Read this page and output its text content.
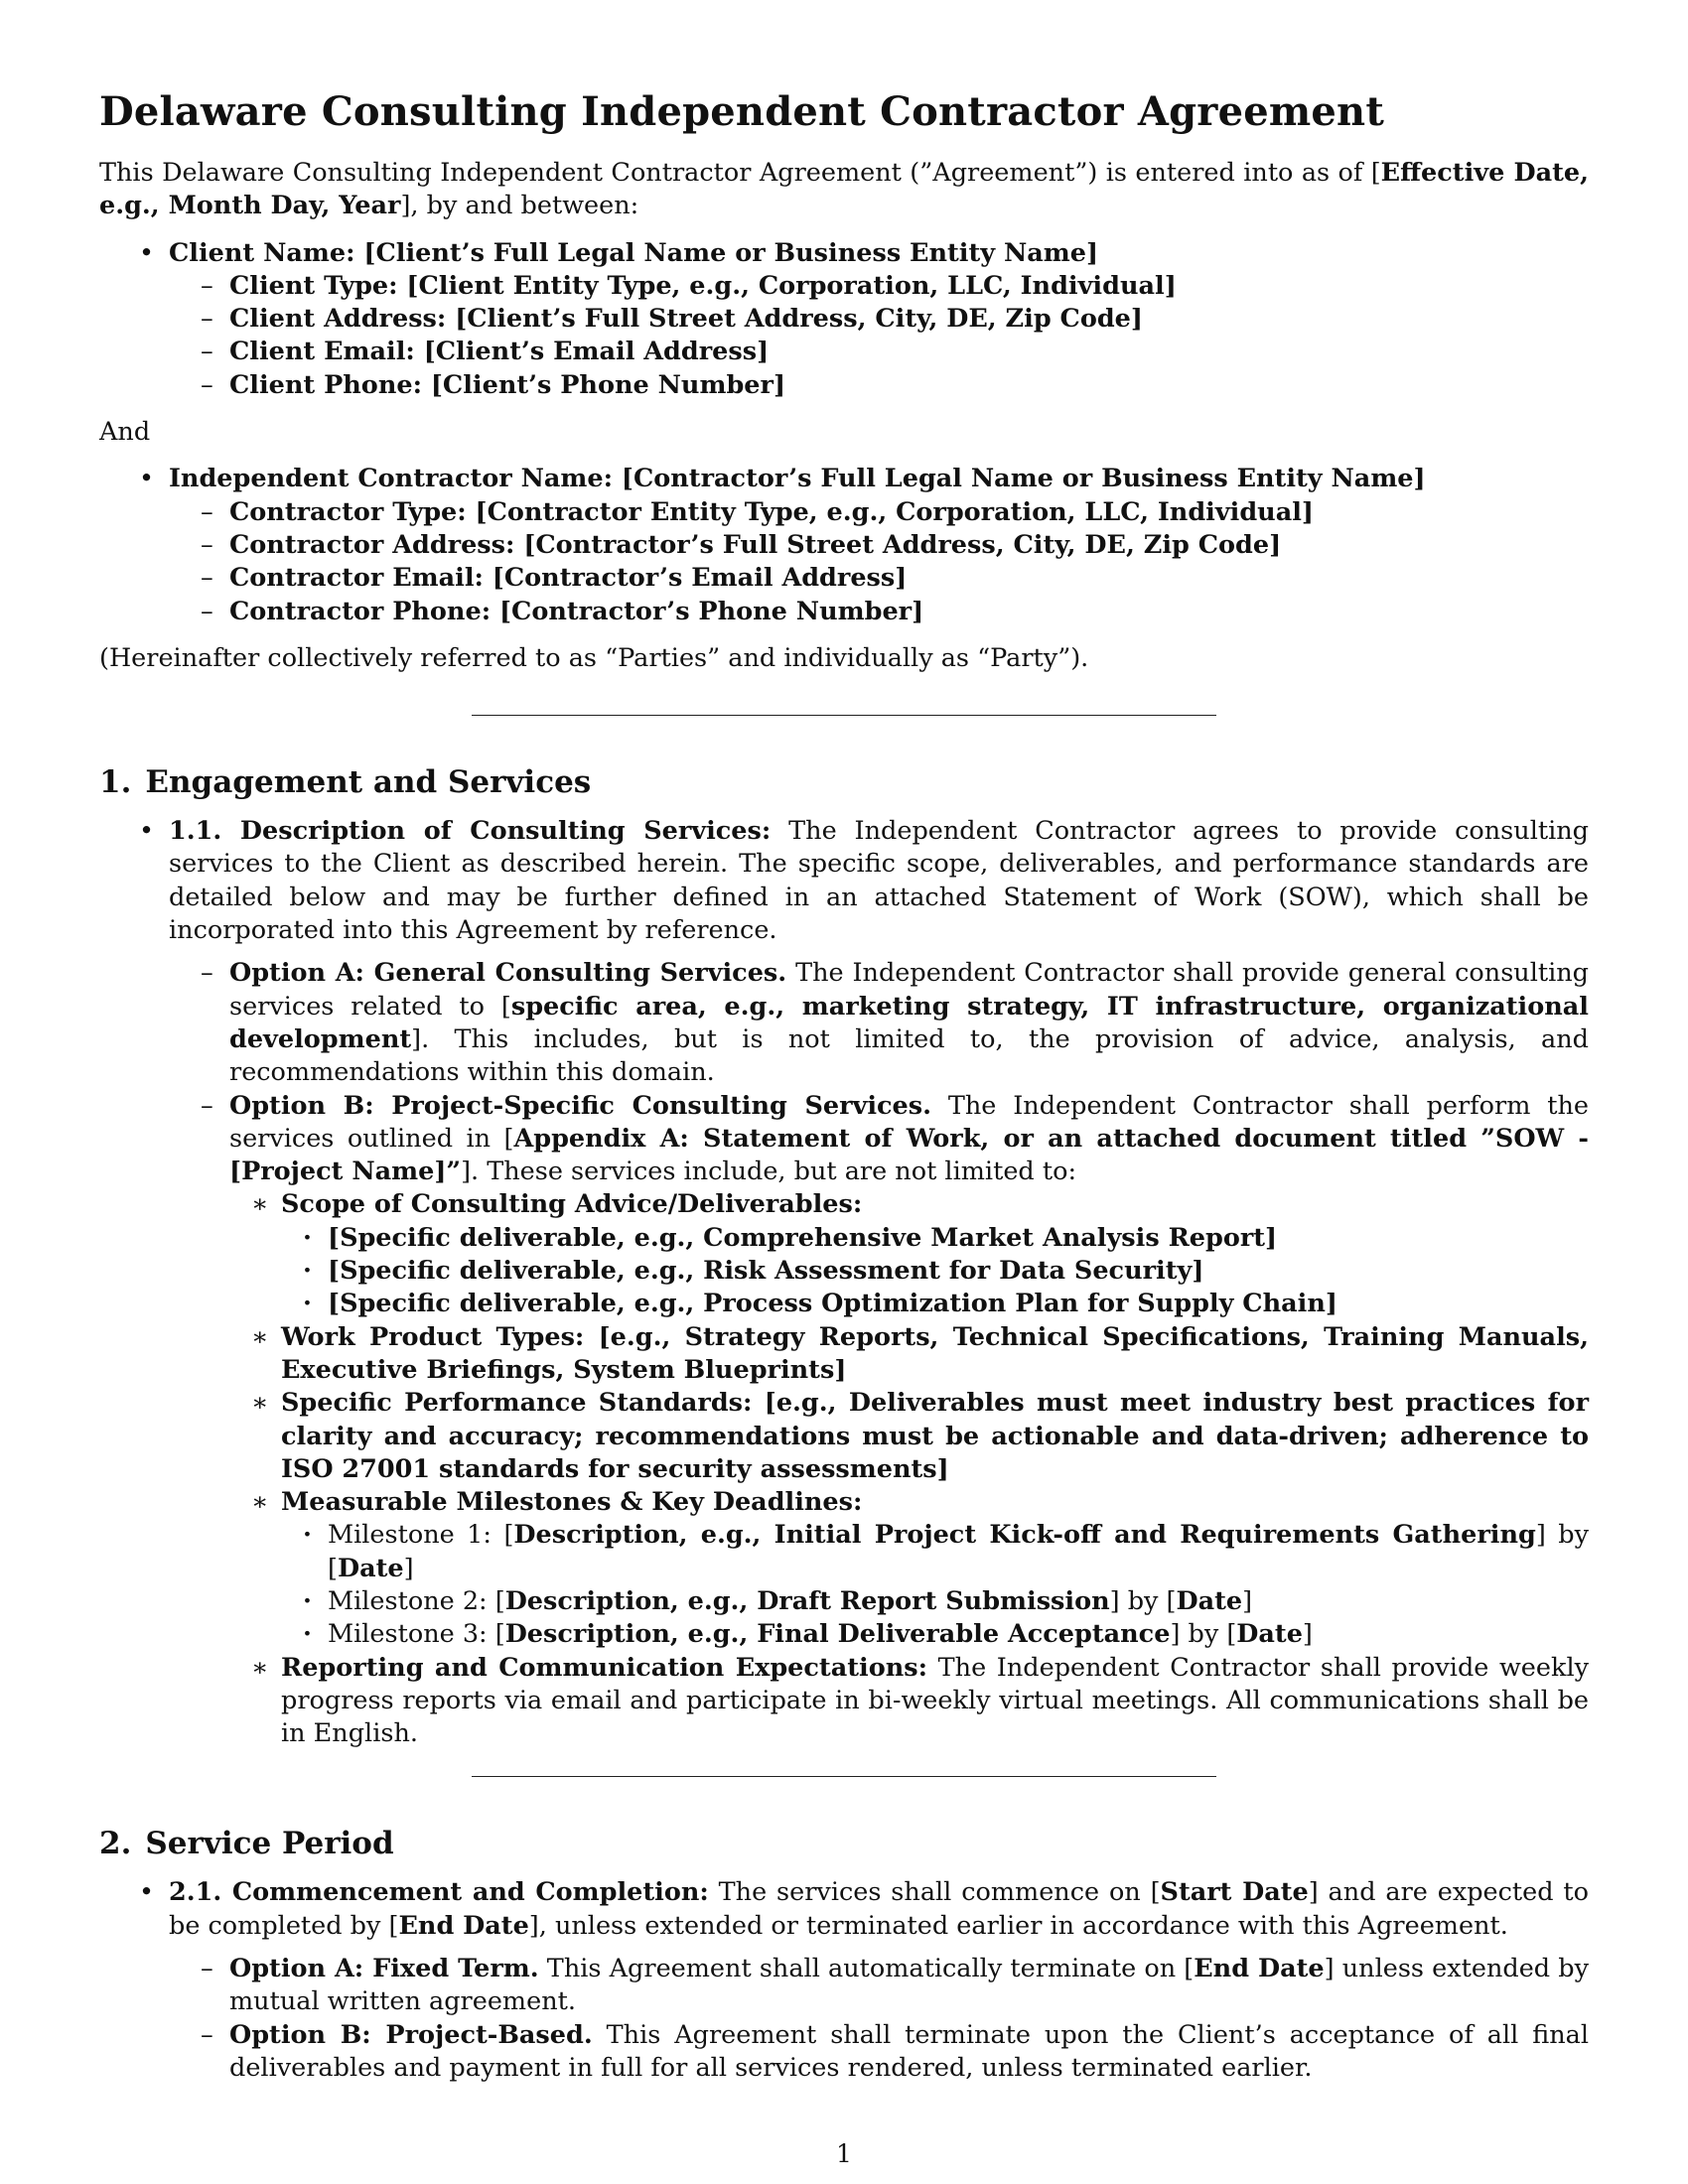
Delaware Consulting Independent Contractor Agreement

This Delaware Consulting Independent Contractor Agreement (”Agreement”) is entered into as of [Effective Date, e.g., Month Day, Year], by and between:

• Client Name: [Client’s Full Legal Name or Business Entity Name]
– Client Type: [Client Entity Type, e.g., Corporation, LLC, Individual]
– Client Address: [Client’s Full Street Address, City, DE, Zip Code]
– Client Email: [Client’s Email Address]
– Client Phone: [Client’s Phone Number]

And

• Independent Contractor Name: [Contractor’s Full Legal Name or Business Entity Name]
– Contractor Type: [Contractor Entity Type, e.g., Corporation, LLC, Individual]
– Contractor Address: [Contractor’s Full Street Address, City, DE, Zip Code]
– Contractor Email: [Contractor’s Email Address]
– Contractor Phone: [Contractor’s Phone Number]

(Hereinafter collectively referred to as “Parties” and individually as “Party”).

1. Engagement and Services
• 1.1. Description of Consulting Services: The Independent Contractor agrees to provide consulting services to the Client as described herein. The specific scope, deliverables, and performance standards are detailed below and may be further defined in an attached Statement of Work (SOW), which shall be incorporated into this Agreement by reference.
– Option A: General Consulting Services. The Independent Contractor shall provide general consulting services related to [specific area, e.g., marketing strategy, IT infrastructure, organizational development]. This includes, but is not limited to, the provision of advice, analysis, and recommendations within this domain.
– Option B: Project-Specific Consulting Services. The Independent Contractor shall perform the services outlined in [Appendix A: Statement of Work, or an attached document titled ”SOW - [Project Name]”]. These services include, but are not limited to:
∗ Scope of Consulting Advice/Deliverables:
· [Specific deliverable, e.g., Comprehensive Market Analysis Report]
· [Specific deliverable, e.g., Risk Assessment for Data Security]
· [Specific deliverable, e.g., Process Optimization Plan for Supply Chain]
∗ Work Product Types: [e.g., Strategy Reports, Technical Specifications, Training Manuals, Executive Briefings, System Blueprints]
∗ Specific Performance Standards: [e.g., Deliverables must meet industry best practices for clarity and accuracy; recommendations must be actionable and data-driven; adherence to ISO 27001 standards for security assessments]
∗ Measurable Milestones & Key Deadlines:
· Milestone 1: [Description, e.g., Initial Project Kick-off and Requirements Gathering] by [Date]
· Milestone 2: [Description, e.g., Draft Report Submission] by [Date]
· Milestone 3: [Description, e.g., Final Deliverable Acceptance] by [Date]
∗ Reporting and Communication Expectations: The Independent Contractor shall provide weekly progress reports via email and participate in bi-weekly virtual meetings. All communications shall be in English.
2. Service Period
• 2.1. Commencement and Completion: The services shall commence on [Start Date] and are expected to be completed by [End Date], unless extended or terminated earlier in accordance with this Agreement.
– Option A: Fixed Term. This Agreement shall automatically terminate on [End Date] unless extended by mutual written agreement.
– Option B: Project-Based. This Agreement shall terminate upon the Client’s acceptance of all final deliverables and payment in full for all services rendered, unless terminated earlier.
1
